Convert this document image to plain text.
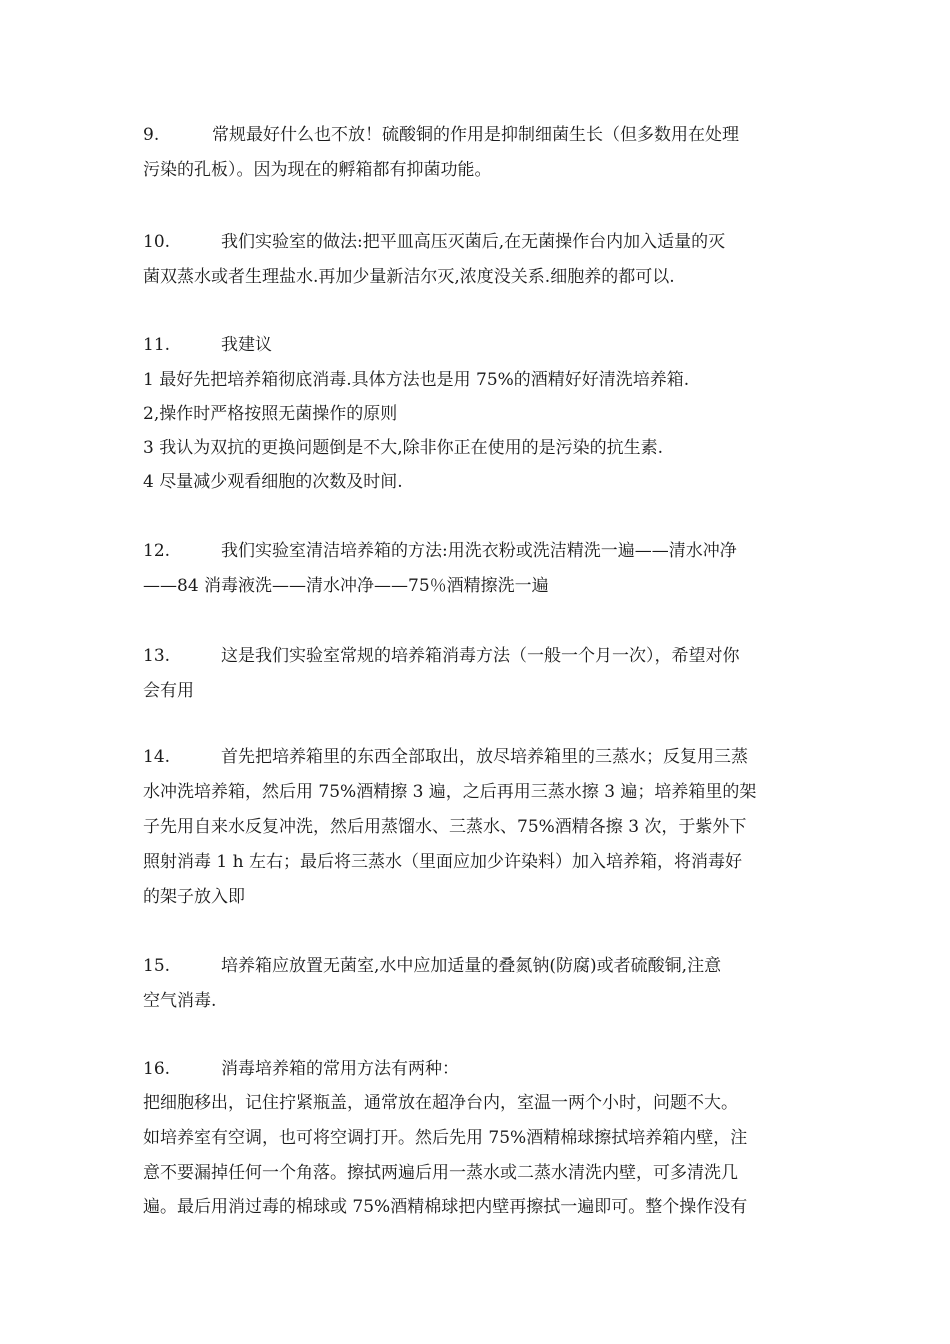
9.	常规最好什么也不放！硫酸铜的作用是抑制细菌生长（但多数用在处理
污染的孔板）。因为现在的孵箱都有抑菌功能。
10.	我们实验室的做法:把平皿高压灭菌后,在无菌操作台内加入适量的灭
菌双蒸水或者生理盐水.再加少量新洁尔灭,浓度没关系.细胞养的都可以.
11.	我建议
1 最好先把培养箱彻底消毒.具体方法也是用 75%的酒精好好清洗培养箱.
2,操作时严格按照无菌操作的原则
3 我认为双抗的更换问题倒是不大,除非你正在使用的是污染的抗生素.
4 尽量减少观看细胞的次数及时间.
12.	我们实验室清洁培养箱的方法:用洗衣粉或洗洁精洗一遍——清水冲净
——84 消毒液洗——清水冲净——75％酒精擦洗一遍
13.	这是我们实验室常规的培养箱消毒方法（一般一个月一次），希望对你
会有用
14.	首先把培养箱里的东西全部取出，放尽培养箱里的三蒸水；反复用三蒸
水冲洗培养箱，然后用 75%酒精擦 3 遍，之后再用三蒸水擦 3 遍；培养箱里的架
子先用自来水反复冲洗，然后用蒸馏水、三蒸水、75%酒精各擦 3 次，于紫外下
照射消毒 1 h 左右；最后将三蒸水（里面应加少许染料）加入培养箱，将消毒好
的架子放入即
15.	培养箱应放置无菌室,水中应加适量的叠氮钠(防腐)或者硫酸铜,注意
空气消毒.
16.	消毒培养箱的常用方法有两种：
把细胞移出，记住拧紧瓶盖，通常放在超净台内，室温一两个小时，问题不大。
如培养室有空调，也可将空调打开。然后先用 75%酒精棉球擦拭培养箱内壁，注
意不要漏掉任何一个角落。擦拭两遍后用一蒸水或二蒸水清洗内壁，可多清洗几
遍。最后用消过毒的棉球或 75%酒精棉球把内壁再擦拭一遍即可。整个操作没有
